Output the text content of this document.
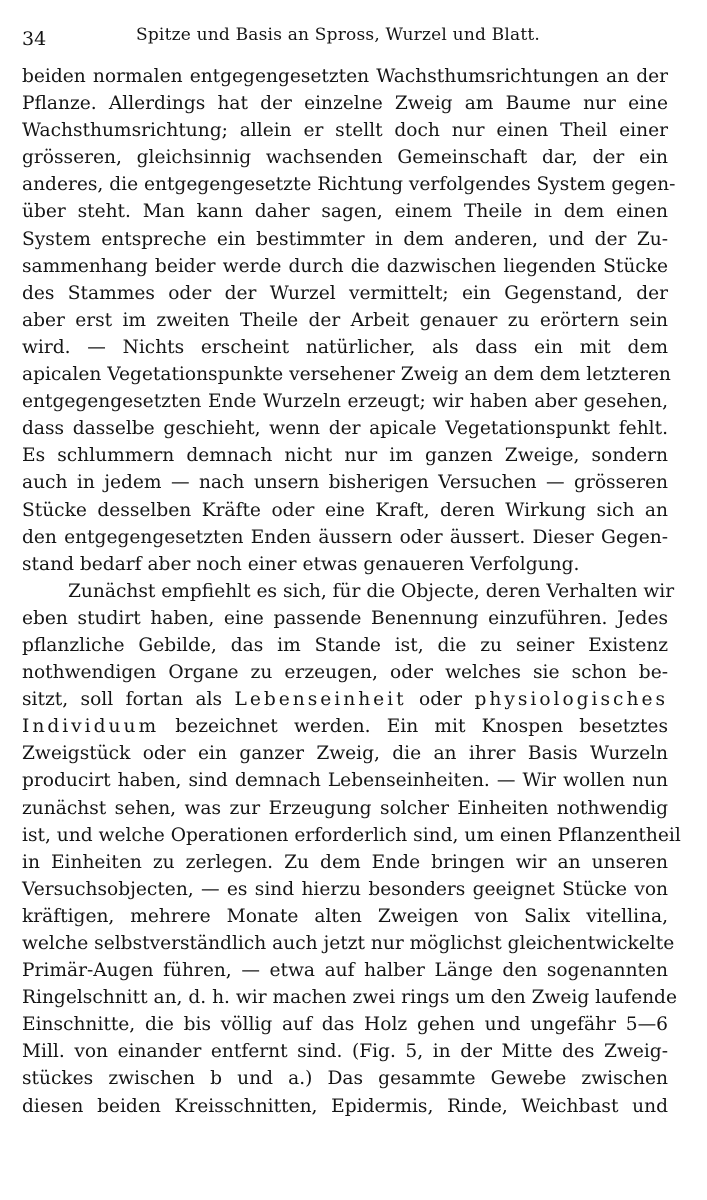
34	Spitze und Basis an Spross, Wurzel und Blatt.
beiden normalen entgegengesetzten Wachsthumsrichtungen an der
Pflanze. Allerdings hat der einzelne Zweig am Baume nur eine
Wachsthumsrichtung; allein er stellt doch nur einen Theil einer
grösseren, gleichsinnig wachsenden Gemeinschaft dar, der ein
anderes, die entgegengesetzte Richtung verfolgendes System gegen-
über steht. Man kann daher sagen, einem Theile in dem einen
System entspreche ein bestimmter in dem anderen, und der Zu-
sammenhang beider werde durch die dazwischen liegenden Stücke
des Stammes oder der Wurzel vermittelt; ein Gegenstand, der
aber erst im zweiten Theile der Arbeit genauer zu erörtern sein
wird. — Nichts erscheint natürlicher, als dass ein mit dem
apicalen Vegetationspunkte versehener Zweig an dem dem letzteren
entgegengesetzten Ende Wurzeln erzeugt; wir haben aber gesehen,
dass dasselbe geschieht, wenn der apicale Vegetationspunkt fehlt.
Es schlummern demnach nicht nur im ganzen Zweige, sondern
auch in jedem — nach unsern bisherigen Versuchen — grösseren
Stücke desselben Kräfte oder eine Kraft, deren Wirkung sich an
den entgegengesetzten Enden äussern oder äussert. Dieser Gegen-
stand bedarf aber noch einer etwas genaueren Verfolgung.
Zunächst empfiehlt es sich, für die Objecte, deren Verhalten wir
eben studirt haben, eine passende Benennung einzuführen. Jedes
pflanzliche Gebilde, das im Stande ist, die zu seiner Existenz
nothwendigen Organe zu erzeugen, oder welches sie schon be-
sitzt, soll fortan als Lebenseinheit oder physiologisches
Individuum bezeichnet werden. Ein mit Knospen besetztes
Zweigstück oder ein ganzer Zweig, die an ihrer Basis Wurzeln
producirt haben, sind demnach Lebenseinheiten. — Wir wollen nun
zunächst sehen, was zur Erzeugung solcher Einheiten nothwendig
ist, und welche Operationen erforderlich sind, um einen Pflanzentheil
in Einheiten zu zerlegen. Zu dem Ende bringen wir an unseren
Versuchsobjecten, — es sind hierzu besonders geeignet Stücke von
kräftigen, mehrere Monate alten Zweigen von Salix vitellina,
welche selbstverständlich auch jetzt nur möglichst gleichentwickelte
Primär-Augen führen, — etwa auf halber Länge den sogenannten
Ringelschnitt an, d. h. wir machen zwei rings um den Zweig laufende
Einschnitte, die bis völlig auf das Holz gehen und ungefähr 5—6
Mill. von einander entfernt sind. (Fig. 5, in der Mitte des Zweig-
stückes zwischen b und a.) Das gesammte Gewebe zwischen
diesen beiden Kreisschnitten, Epidermis, Rinde, Weichbast und
